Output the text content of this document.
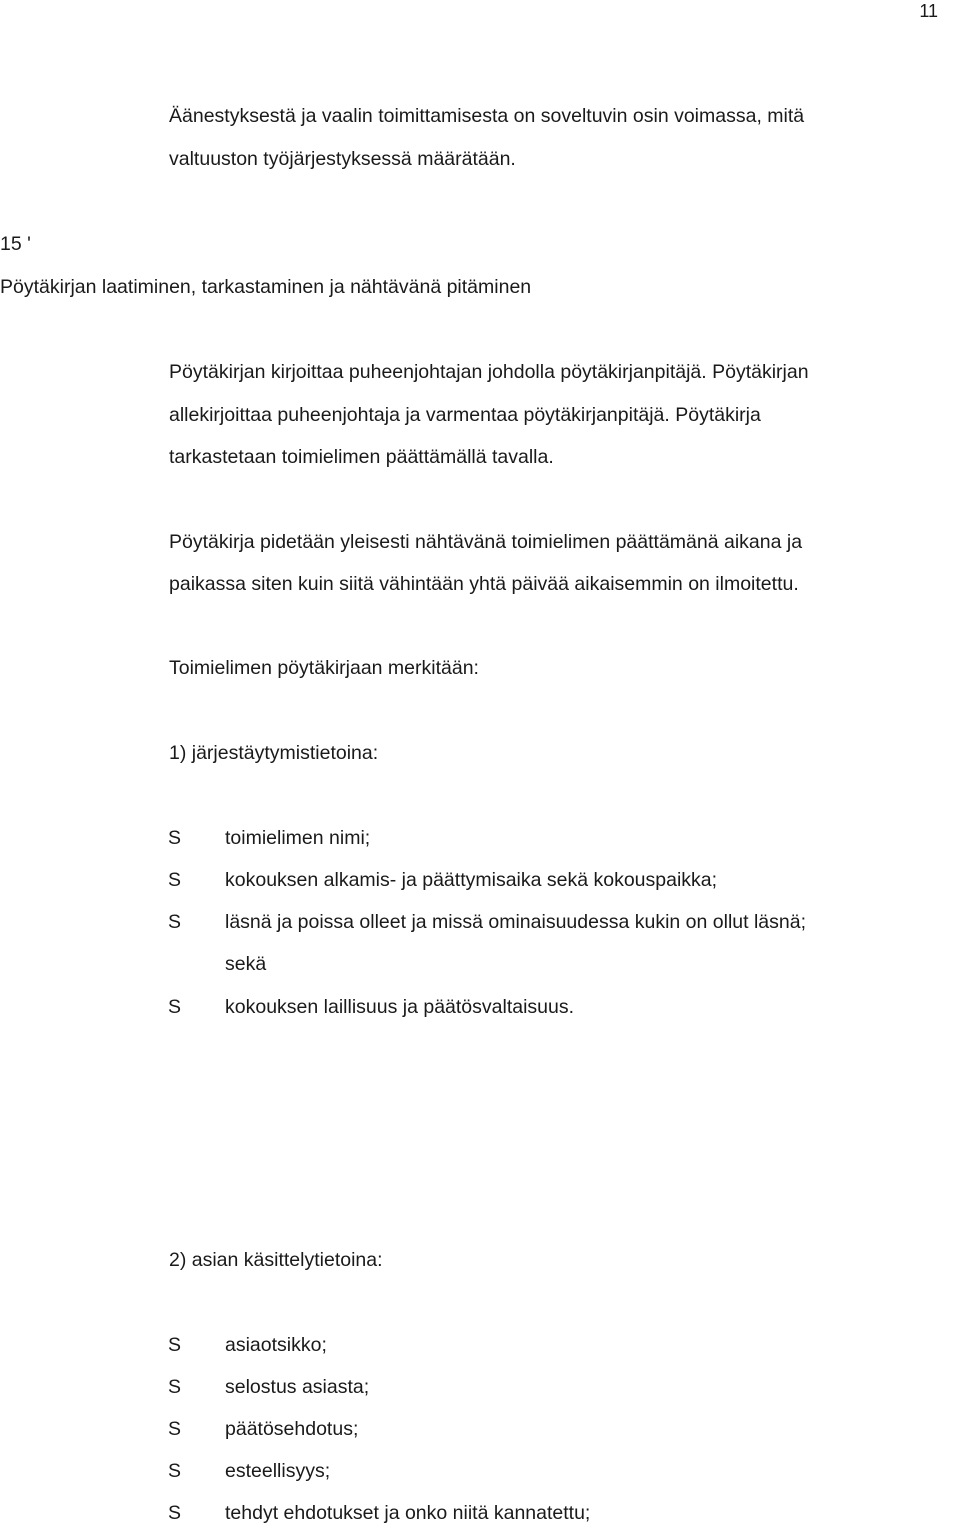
11
Äänestyksestä ja vaalin toimittamisesta on soveltuvin osin voimassa, mitä
valtuuston työjärjestyksessä määrätään.
15 '
Pöytäkirjan laatiminen, tarkastaminen ja nähtävänä pitäminen
Pöytäkirjan kirjoittaa puheenjohtajan johdolla pöytäkirjanpitäjä. Pöytäkirjan
allekirjoittaa puheenjohtaja ja varmentaa pöytäkirjanpitäjä. Pöytäkirja
tarkastetaan toimielimen päättämällä tavalla.
Pöytäkirja pidetään yleisesti nähtävänä toimielimen päättämänä aikana ja
paikassa siten kuin siitä vähintään yhtä päivää aikaisemmin on ilmoitettu.
Toimielimen pöytäkirjaan merkitään:
1) järjestäytymistietoina:
S toimielimen nimi;
S kokouksen alkamis- ja päättymisaika sekä kokouspaikka;
S läsnä ja poissa olleet ja missä ominaisuudessa kukin on ollut läsnä;
sekä
S kokouksen laillisuus ja päätösvaltaisuus.
2) asian käsittelytietoina:
S asiaotsikko;
S selostus asiasta;
S päätösehdotus;
S esteellisyys;
S tehdyt ehdotukset ja onko niitä kannatettu;
